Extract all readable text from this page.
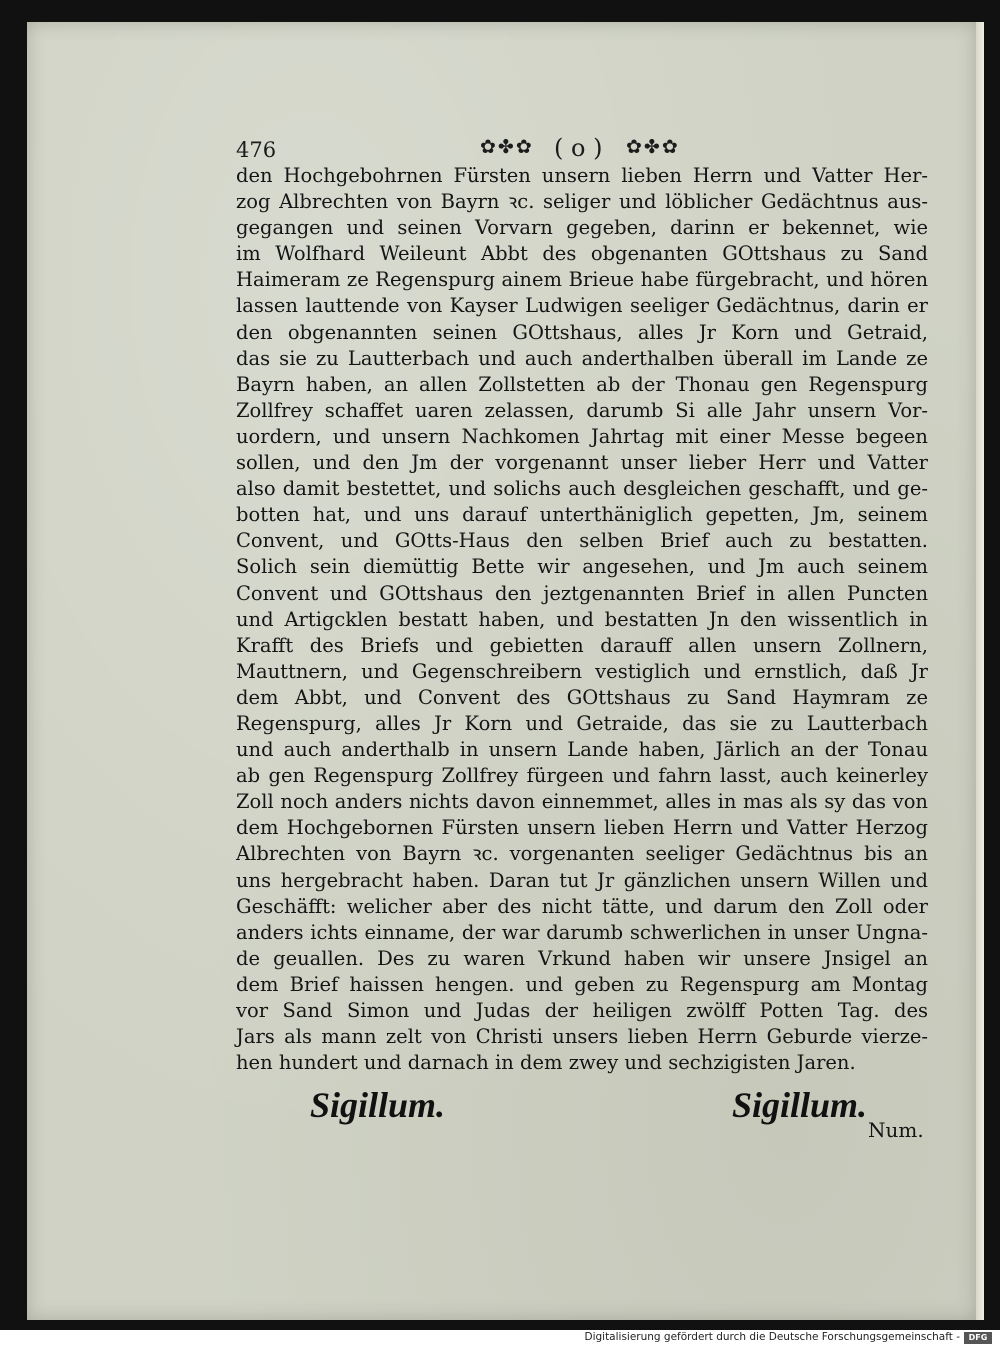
476	✿✤✿ ( o ) ✿✤✿
den Hochgebohrnen Fürsten unsern lieben Herrn und Vatter Her-
zog Albrechten von Bayrn ꝛc. seliger und löblicher Gedächtnus aus-
gegangen und seinen Vorvarn gegeben, darinn er bekennet, wie
im Wolfhard Weileunt Abbt des obgenanten GOttshaus zu Sand
Haimeram ze Regenspurg ainem Brieue habe fürgebracht, und hören
lassen lauttende von Kayser Ludwigen seeliger Gedächtnus, darin er
den obgenannten seinen GOttshaus, alles Jr Korn und Getraid,
das sie zu Lautterbach und auch anderthalben überall im Lande ze
Bayrn haben, an allen Zollstetten ab der Thonau gen Regenspurg
Zollfrey schaffet uaren zelassen, darumb Si alle Jahr unsern Vor-
uordern, und unsern Nachkomen Jahrtag mit einer Messe begeen
sollen, und den Jm der vorgenannt unser lieber Herr und Vatter
also damit bestettet, und solichs auch desgleichen geschafft, und ge-
botten hat, und uns darauf unterthäniglich gepetten, Jm, seinem
Convent, und GOtts-Haus den selben Brief auch zu bestatten.
Solich sein diemüttig Bette wir angesehen, und Jm auch seinem
Convent und GOttshaus den jeztgenannten Brief in allen Puncten
und Artigcklen bestatt haben, und bestatten Jn den wissentlich in
Krafft des Briefs und gebietten darauff allen unsern Zollnern,
Mauttnern, und Gegenschreibern vestiglich und ernstlich, daß Jr
dem Abbt, und Convent des GOttshaus zu Sand Haymram ze
Regenspurg, alles Jr Korn und Getraide, das sie zu Lautterbach
und auch anderthalb in unsern Lande haben, Järlich an der Tonau
ab gen Regenspurg Zollfrey fürgeen und fahrn lasst, auch keinerley
Zoll noch anders nichts davon einnemmet, alles in mas als sy das von
dem Hochgebornen Fürsten unsern lieben Herrn und Vatter Herzog
Albrechten von Bayrn ꝛc. vorgenanten seeliger Gedächtnus bis an
uns hergebracht haben. Daran tut Jr gänzlichen unsern Willen und
Geschäfft: welicher aber des nicht tätte, und darum den Zoll oder
anders ichts einname, der war darumb schwerlichen in unser Ungna-
de geuallen. Des zu waren Vrkund haben wir unsere Jnsigel an
dem Brief haissen hengen. und geben zu Regenspurg am Montag
vor Sand Simon und Judas der heiligen zwölff Potten Tag. des
Jars als mann zelt von Christi unsers lieben Herrn Geburde vierze-
hen hundert und darnach in dem zwey und sechzigisten Jaren.
Sigillum.	Sigillum.
Num.
Digitalisierung gefördert durch die Deutsche Forschungsgemeinschaft -	DFG
